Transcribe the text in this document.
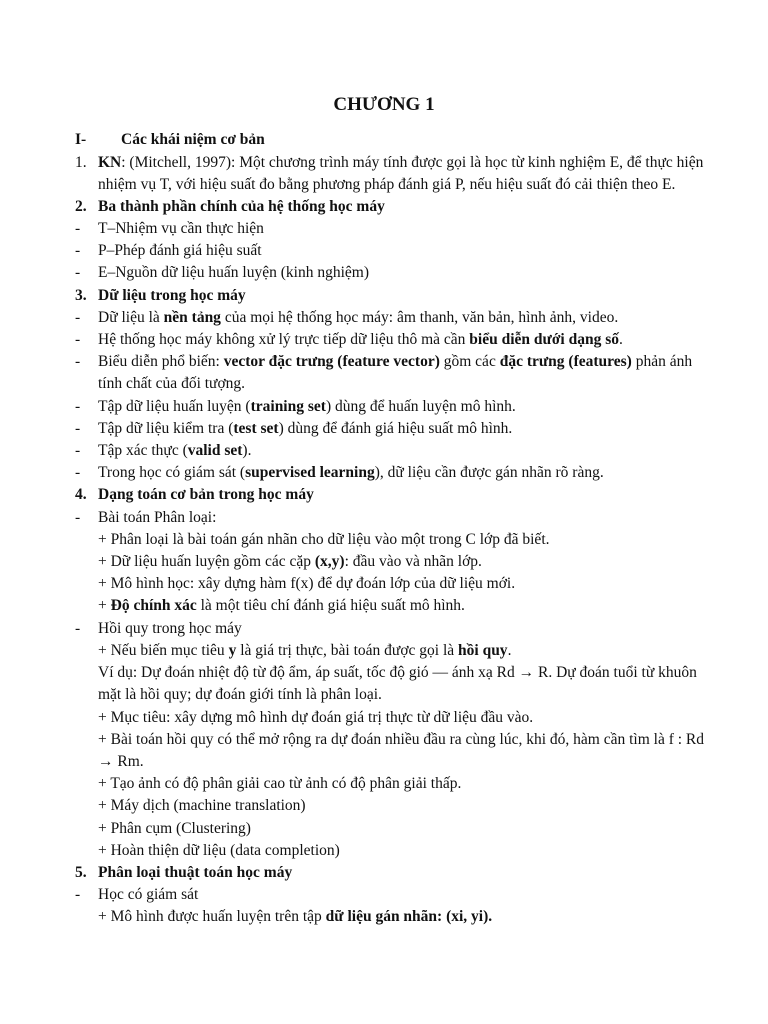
CHƯƠNG 1
I- Các khái niệm cơ bản
1. KN: (Mitchell, 1997): Một chương trình máy tính được gọi là học từ kinh nghiệm E, để thực hiện
nhiệm vụ T, với hiệu suất đo bằng phương pháp đánh giá P, nếu hiệu suất đó cải thiện theo E.
2. Ba thành phần chính của hệ thống học máy
- T–Nhiệm vụ cần thực hiện
- P–Phép đánh giá hiệu suất
- E–Nguồn dữ liệu huấn luyện (kinh nghiệm)
3. Dữ liệu trong học máy
- Dữ liệu là nền tảng của mọi hệ thống học máy: âm thanh, văn bản, hình ảnh, video.
- Hệ thống học máy không xử lý trực tiếp dữ liệu thô mà cần biểu diễn dưới dạng số.
- Biểu diễn phổ biến: vector đặc trưng (feature vector) gồm các đặc trưng (features) phản ánh
tính chất của đối tượng.
- Tập dữ liệu huấn luyện (training set) dùng để huấn luyện mô hình.
- Tập dữ liệu kiểm tra (test set) dùng để đánh giá hiệu suất mô hình.
- Tập xác thực (valid set).
- Trong học có giám sát (supervised learning), dữ liệu cần được gán nhãn rõ ràng.
4. Dạng toán cơ bản trong học máy
- Bài toán Phân loại:
+ Phân loại là bài toán gán nhãn cho dữ liệu vào một trong C lớp đã biết.
+ Dữ liệu huấn luyện gồm các cặp (x,y): đầu vào và nhãn lớp.
+ Mô hình học: xây dựng hàm f(x) để dự đoán lớp của dữ liệu mới.
+ Độ chính xác là một tiêu chí đánh giá hiệu suất mô hình.
- Hồi quy trong học máy
+ Nếu biến mục tiêu y là giá trị thực, bài toán được gọi là hồi quy.
Ví dụ: Dự đoán nhiệt độ từ độ ẩm, áp suất, tốc độ gió — ánh xạ Rd → R. Dự đoán tuổi từ khuôn
mặt là hồi quy; dự đoán giới tính là phân loại.
+ Mục tiêu: xây dựng mô hình dự đoán giá trị thực từ dữ liệu đầu vào.
+ Bài toán hồi quy có thể mở rộng ra dự đoán nhiều đầu ra cùng lúc, khi đó, hàm cần tìm là f : Rd
→ Rm.
+ Tạo ảnh có độ phân giải cao từ ảnh có độ phân giải thấp.
+ Máy dịch (machine translation)
+ Phân cụm (Clustering)
+ Hoàn thiện dữ liệu (data completion)
5. Phân loại thuật toán học máy
- Học có giám sát
+ Mô hình được huấn luyện trên tập dữ liệu gán nhãn: (xi, yi).
